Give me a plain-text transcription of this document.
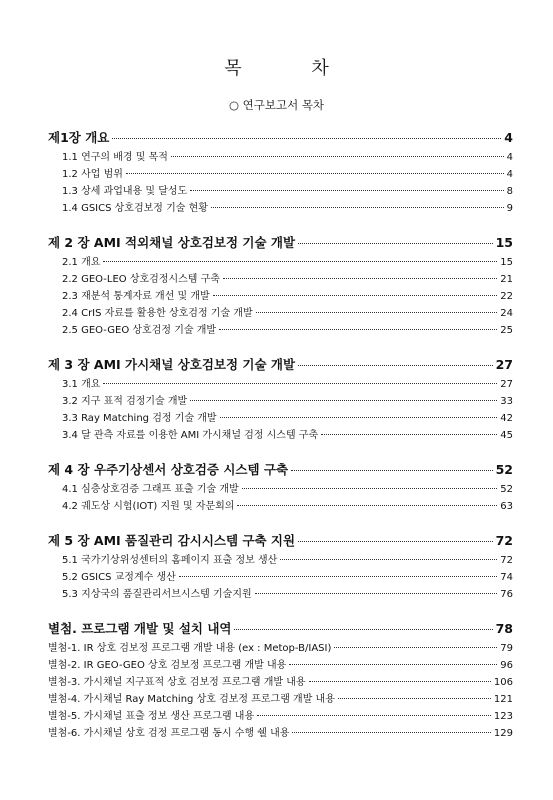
목 차
○ 연구보고서 목차
제1장 개요	4
1.1 연구의 배경 및 목적	4
1.2 사업 범위	4
1.3 상세 과업내용 및 달성도	8
1.4 GSICS 상호검보정 기술 현황	9
제 2 장 AMI 적외채널 상호검보정 기술 개발	15
2.1 개요	15
2.2 GEO-LEO 상호검정시스템 구축	21
2.3 재분석 통계자료 개선 및 개발	22
2.4 CrIS 자료를 활용한 상호검정 기술 개발	24
2.5 GEO-GEO 상호검정 기술 개발	25
제 3 장 AMI 가시채널 상호검보정 기술 개발	27
3.1 개요	27
3.2 지구 표적 검정기술 개발	33
3.3 Ray Matching 검정 기술 개발	42
3.4 달 관측 자료를 이용한 AMI 가시채널 검정 시스템 구축	45
제 4 장 우주기상센서 상호검증 시스템 구축	52
4.1 심층상호검증 그래프 표출 기술 개발	52
4.2 궤도상 시험(IOT) 지원 및 자문회의	63
제 5 장 AMI 품질관리 감시시스템 구축 지원	72
5.1 국가기상위성센터의 홈페이지 표출 정보 생산	72
5.2 GSICS 교정계수 생산	74
5.3 지상국의 품질관리서브시스템 기술지원	76
별첨. 프로그램 개발 및 설치 내역	78
별첨-1. IR 상호 검보정 프로그램 개발 내용 (ex : Metop-B/IASI)	79
별첨-2. IR GEO-GEO 상호 검보정 프로그램 개발 내용	96
별첨-3. 가시채널 지구표적 상호 검보정 프로그램 개발 내용	106
별첨-4. 가시채널 Ray Matching 상호 검보정 프로그램 개발 내용	121
별첨-5. 가시채널 표출 정보 생산 프로그램 내용	123
별첨-6. 가시채널 상호 검정 프로그램 동시 수행 쉘 내용	129
